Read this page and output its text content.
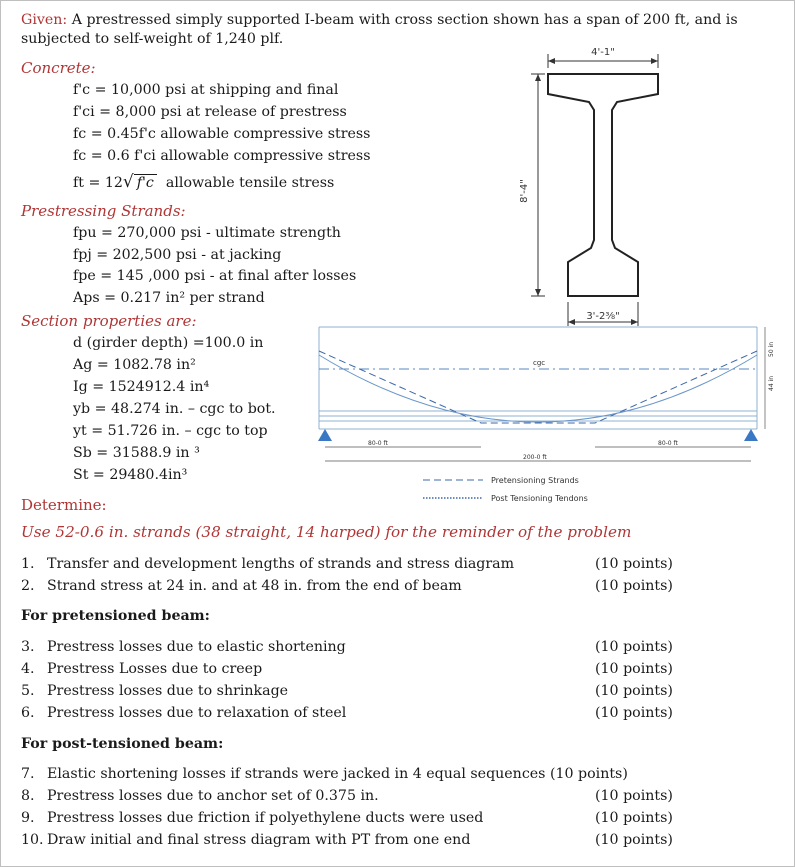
Given: A prestressed simply supported I-beam with cross section shown has a span of 200 ft, and is subjected to self-weight of 1,240 plf.
Concrete:
f'c = 10,000 psi at shipping and final
f'ci = 8,000 psi at release of prestress
fc = 0.45f'c allowable compressive stress
fc = 0.6 f'ci allowable compressive stress
ft = 12√ f'c allowable tensile stress
Prestressing Strands:
fpu = 270,000 psi - ultimate strength
fpj = 202,500 psi - at jacking
fpe = 145 ,000 psi - at final after losses
Aps = 0.217 in² per strand
Section properties are:
d (girder depth) =100.0 in
Ag = 1082.78 in²
Ig = 1524912.4 in⁴
yb = 48.274 in. – cgc to bot.
yt = 51.726 in. – cgc to top
Sb = 31588.9 in ³
St = 29480.4in³
4'-1"
8'-4"
3'-2⅜"
cgc
80-0 ft	80-0 ft
200-0 ft
50 in
44 in
Pretensioning Strands
Post Tensioning Tendons
Determine:
Use 52-0.6 in. strands (38 straight, 14 harped) for the reminder of the problem
1. Transfer and development lengths of strands and stress diagram	(10 points)
2. Strand stress at 24 in. and at 48 in. from the end of beam	(10 points)
For pretensioned beam:
3. Prestress losses due to elastic shortening	(10 points)
4. Prestress Losses due to creep	(10 points)
5. Prestress losses due to shrinkage	(10 points)
6. Prestress losses due to relaxation of steel	(10 points)
For post-tensioned beam:
7. Elastic shortening losses if strands were jacked in 4 equal sequences (10 points)
8. Prestress losses due to anchor set of 0.375 in.	(10 points)
9. Prestress losses due friction if polyethylene ducts were used	(10 points)
10. Draw initial and final stress diagram with PT from one end	(10 points)
